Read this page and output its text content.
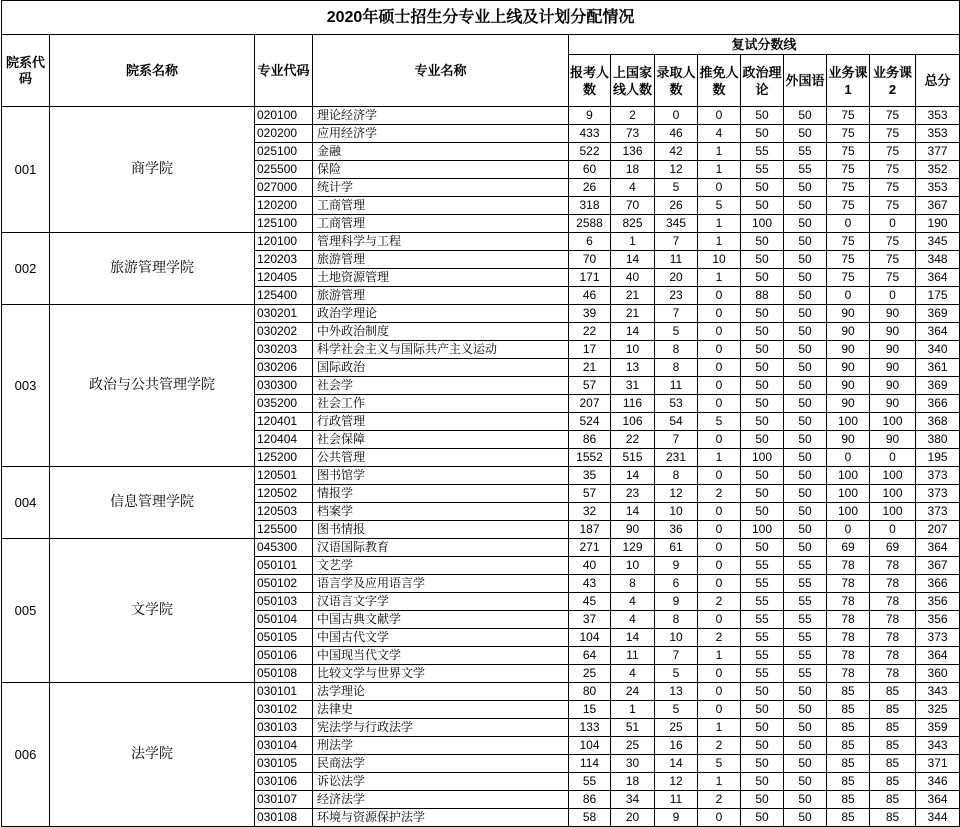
2020年硕士招生分专业上线及计划分配情况												
院系代码	院系名称	专业代码	专业名称	复试分数线								
				报考人数	上国家线人数	录取人数	推免人数	政治理论	外国语	业务课1	业务课2	总分
001	商学院	020100	理论经济学	9	2	0	0	50	50	75	75	353
		020200	应用经济学	433	73	46	4	50	50	75	75	353
		025100	金融	522	136	42	1	55	55	75	75	377
		025500	保险	60	18	12	1	55	55	75	75	352
		027000	统计学	26	4	5	0	50	50	75	75	353
		120200	工商管理	318	70	26	5	50	50	75	75	367
		125100	工商管理	2588	825	345	1	100	50	0	0	190
002	旅游管理学院	120100	管理科学与工程	6	1	7	1	50	50	75	75	345
		120203	旅游管理	70	14	11	10	50	50	75	75	348
		120405	土地资源管理	171	40	20	1	50	50	75	75	364
		125400	旅游管理	46	21	23	0	88	50	0	0	175
003	政治与公共管理学院	030201	政治学理论	39	21	7	0	50	50	90	90	369
		030202	中外政治制度	22	14	5	0	50	50	90	90	364
		030203	科学社会主义与国际共产主义运动	17	10	8	0	50	50	90	90	340
		030206	国际政治	21	13	8	0	50	50	90	90	361
		030300	社会学	57	31	11	0	50	50	90	90	369
		035200	社会工作	207	116	53	0	50	50	90	90	366
		120401	行政管理	524	106	54	5	50	50	100	100	368
		120404	社会保障	86	22	7	0	50	50	90	90	380
		125200	公共管理	1552	515	231	1	100	50	0	0	195
004	信息管理学院	120501	图书馆学	35	14	8	0	50	50	100	100	373
		120502	情报学	57	23	12	2	50	50	100	100	373
		120503	档案学	32	14	10	0	50	50	100	100	373
		125500	图书情报	187	90	36	0	100	50	0	0	207
005	文学院	045300	汉语国际教育	271	129	61	0	50	50	69	69	364
		050101	文艺学	40	10	9	0	55	55	78	78	367
		050102	语言学及应用语言学	43	8	6	0	55	55	78	78	366
		050103	汉语言文字学	45	4	9	2	55	55	78	78	356
		050104	中国古典文献学	37	4	8	0	55	55	78	78	356
		050105	中国古代文学	104	14	10	2	55	55	78	78	373
		050106	中国现当代文学	64	11	7	1	55	55	78	78	364
		050108	比较文学与世界文学	25	4	5	0	55	55	78	78	360
006	法学院	030101	法学理论	80	24	13	0	50	50	85	85	343
		030102	法律史	15	1	5	0	50	50	85	85	325
		030103	宪法学与行政法学	133	51	25	1	50	50	85	85	359
		030104	刑法学	104	25	16	2	50	50	85	85	343
		030105	民商法学	114	30	14	5	50	50	85	85	371
		030106	诉讼法学	55	18	12	1	50	50	85	85	346
		030107	经济法学	86	34	11	2	50	50	85	85	364
		030108	环境与资源保护法学	58	20	9	0	50	50	85	85	344
